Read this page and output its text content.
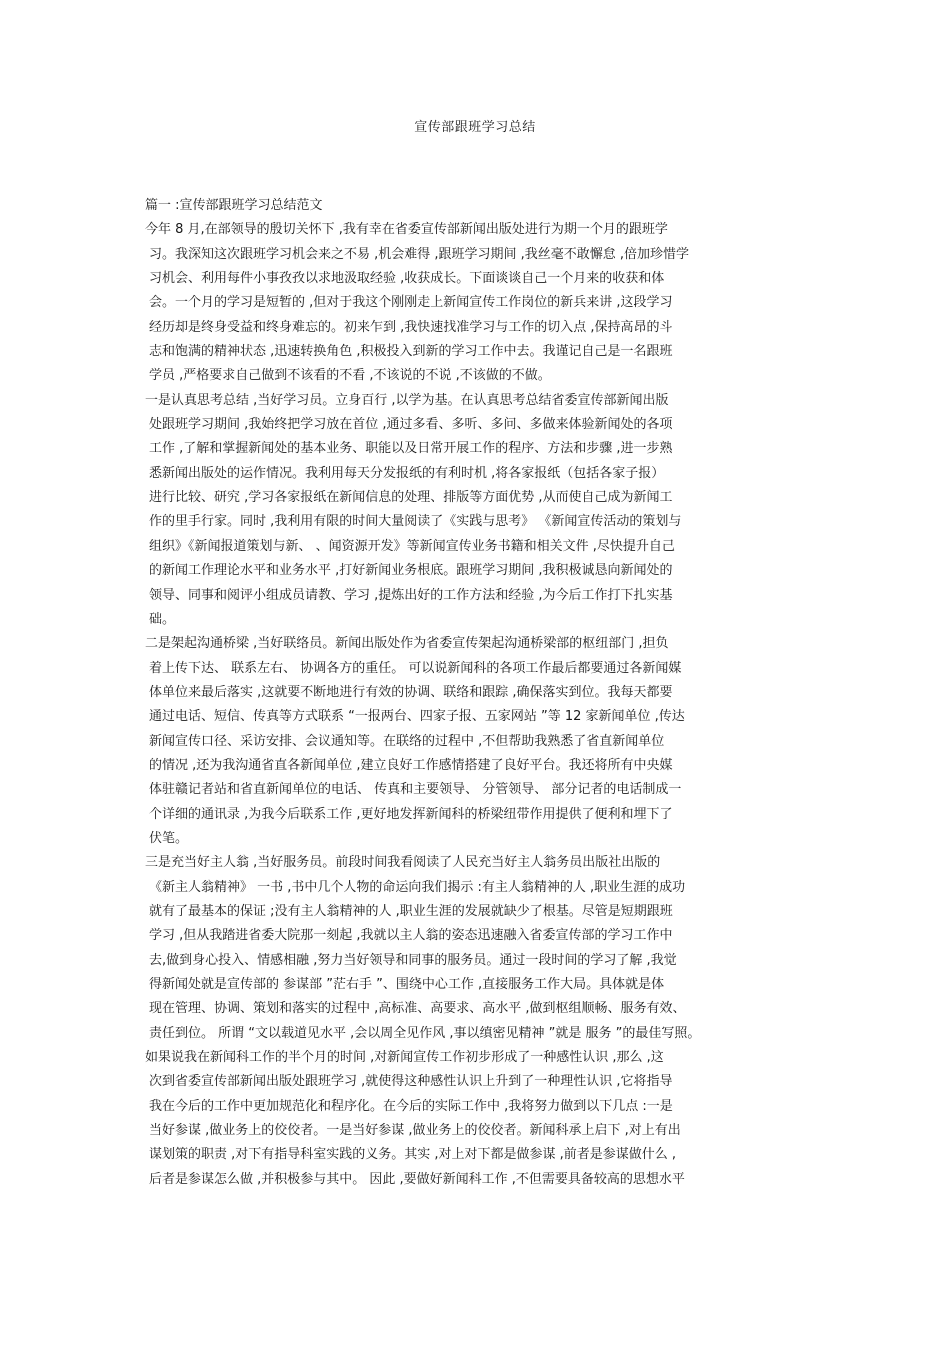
宣传部跟班学习总结
篇一 :宣传部跟班学习总结范文
今年 8 月,在部领导的殷切关怀下 ,我有幸在省委宣传部新闻出版处进行为期一个月的跟班学
习。我深知这次跟班学习机会来之不易 ,机会难得 ,跟班学习期间 ,我丝毫不敢懈怠 ,倍加珍惜学
习机会、利用每件小事孜孜以求地汲取经验 ,收获成长。下面谈谈自己一个月来的收获和体
会。一个月的学习是短暂的 ,但对于我这个刚刚走上新闻宣传工作岗位的新兵来讲 ,这段学习
经历却是终身受益和终身难忘的。初来乍到 ,我快速找准学习与工作的切入点 ,保持高昂的斗
志和饱满的精神状态 ,迅速转换角色 ,积极投入到新的学习工作中去。我谨记自己是一名跟班
学员 ,严格要求自己做到不该看的不看 ,不该说的不说 ,不该做的不做。
一是认真思考总结 ,当好学习员。立身百行 ,以学为基。在认真思考总结省委宣传部新闻出版
处跟班学习期间 ,我始终把学习放在首位 ,通过多看、多听、多问、多做来体验新闻处的各项
工作 ,了解和掌握新闻处的基本业务、职能以及日常开展工作的程序、方法和步骤 ,进一步熟
悉新闻出版处的运作情况。我利用每天分发报纸的有利时机 ,将各家报纸（包括各家子报）
进行比较、研究 ,学习各家报纸在新闻信息的处理、排版等方面优势 ,从而使自己成为新闻工
作的里手行家。同时 ,我利用有限的时间大量阅读了《实践与思考》 《新闻宣传活动的策划与
组织》《新闻报道策划与新、 、闻资源开发》等新闻宣传业务书籍和相关文件 ,尽快提升自己
的新闻工作理论水平和业务水平 ,打好新闻业务根底。跟班学习期间 ,我积极诚恳向新闻处的
领导、同事和阅评小组成员请教、学习 ,提炼出好的工作方法和经验 ,为今后工作打下扎实基
础。
二是架起沟通桥梁 ,当好联络员。新闻出版处作为省委宣传架起沟通桥梁部的枢纽部门 ,担负
着上传下达、 联系左右、 协调各方的重任。 可以说新闻科的各项工作最后都要通过各新闻媒
体单位来最后落实 ,这就要不断地进行有效的协调、联络和跟踪 ,确保落实到位。我每天都要
通过电话、短信、传真等方式联系 “一报两台、四家子报、五家网站 ”等 12 家新闻单位 ,传达
新闻宣传口径、采访安排、会议通知等。在联络的过程中 ,不但帮助我熟悉了省直新闻单位
的情况 ,还为我沟通省直各新闻单位 ,建立良好工作感情搭建了良好平台。我还将所有中央媒
体驻赣记者站和省直新闻单位的电话、 传真和主要领导、 分管领导、 部分记者的电话制成一
个详细的通讯录 ,为我今后联系工作 ,更好地发挥新闻科的桥梁纽带作用提供了便利和埋下了
伏笔。
三是充当好主人翁 ,当好服务员。前段时间我看阅读了人民充当好主人翁务员出版社出版的
《新主人翁精神》 一书 ,书中几个人物的命运向我们揭示 :有主人翁精神的人 ,职业生涯的成功
就有了最基本的保证 ;没有主人翁精神的人 ,职业生涯的发展就缺少了根基。尽管是短期跟班
学习 ,但从我踏进省委大院那一刻起 ,我就以主人翁的姿态迅速融入省委宣传部的学习工作中
去,做到身心投入、情感相融 ,努力当好领导和同事的服务员。通过一段时间的学习了解 ,我觉
得新闻处就是宣传部的 参谋部 ”茫右手 ”、围绕中心工作 ,直接服务工作大局。具体就是体
现在管理、协调、策划和落实的过程中 ,高标准、高要求、高水平 ,做到枢组顺畅、服务有效、
责任到位。 所谓 “文以载道见水平 ,会以周全见作风 ,事以缜密见精神 ”就是 服务 ”的最佳写照。
如果说我在新闻科工作的半个月的时间 ,对新闻宣传工作初步形成了一种感性认识 ,那么 ,这
次到省委宣传部新闻出版处跟班学习 ,就使得这种感性认识上升到了一种理性认识 ,它将指导
我在今后的工作中更加规范化和程序化。在今后的实际工作中 ,我将努力做到以下几点 :一是
当好参谋 ,做业务上的佼佼者。一是当好参谋 ,做业务上的佼佼者。新闻科承上启下 ,对上有出
谋划策的职责 ,对下有指导科室实践的义务。其实 ,对上对下都是做参谋 ,前者是参谋做什么 ,
后者是参谋怎么做 ,并积极参与其中。 因此 ,要做好新闻科工作 ,不但需要具备较高的思想水平
